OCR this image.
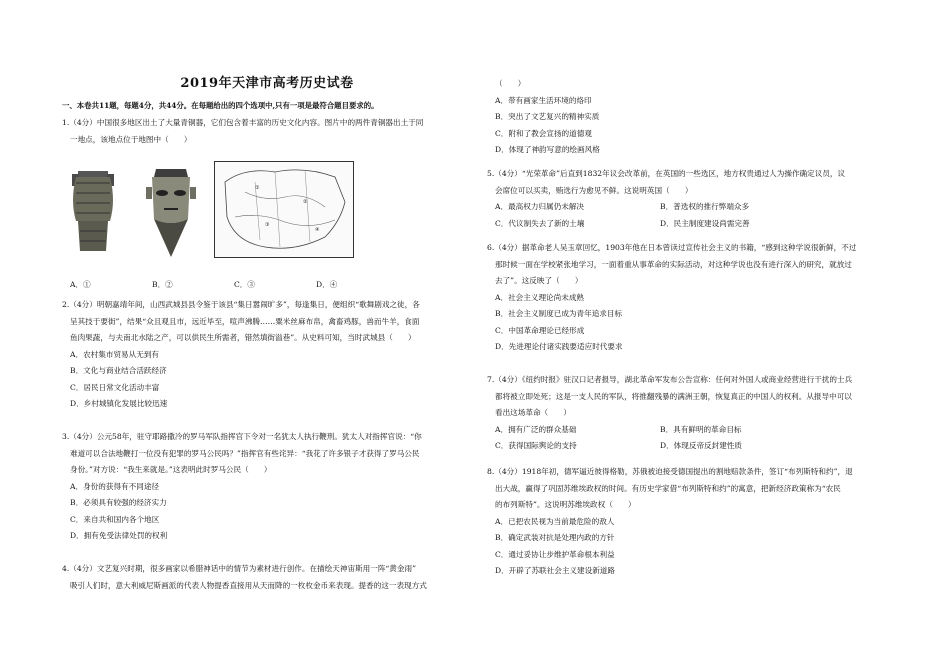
2019年天津市高考历史试卷
一、本卷共11题，每题4分，共44分。在每题给出的四个选项中,只有一项是最符合题目要求的。
1.（4分）中国很多地区出土了大量青铜器，它们包含着丰富的历史文化内容。图片中的两件青铜器出土于同
一地点，该地点位于地图中（　　）
①
②
③
④
A．①	B．②	C．③	D．④
2.（4分）明朝嘉靖年间，山西武城县县令鉴于该县“集日嚣闹旷多”，每逢集日，便组织“歌舞剧戏之徒，各
呈其技于要街”，结果“众且观且市，远近毕至，喧声沸腾……粟米丝麻布帛，禽畜鸡豚，兽而牛羊，食面
鱼肉果蔬，与夫南北水陆之产，可以供民生所需者，错然填街溢巷”。从史料可知，当时武城县（　　）
A．农村集市贸易从无到有
B．文化与商业结合活跃经济
C．居民日常文化活动丰富
D．乡村城镇化发展比较迅速
3.（4分）公元58年，驻守耶路撒冷的罗马军队指挥官下令对一名犹太人执行鞭刑。犹太人对指挥官说：“你
难道可以合法地鞭打一位没有犯罪的罗马公民吗？”指挥官有些诧异：“我花了许多银子才获得了罗马公民
身份。”对方说：“我生来就是。”这表明此时罗马公民（　　）
A．身份的获得有不同途径
B．必须具有较强的经济实力
C．来自共和国内各个地区
D．拥有免受法律处罚的权利
4.（4分）文艺复兴时期，很多画家以希腊神话中的情节为素材进行创作。在描绘天神宙斯用一阵“黄金雨”
吸引人们时，意大利威尼斯画派的代表人物提香直接用从天而降的一枚枚金币来表现。提香的这一表现方式
（　　）
A．带有画家生活环境的烙印
B．突出了文艺复兴的精神实质
C．附和了教会宣扬的道德观
D．体现了神韵写意的绘画风格
5.（4分）“光荣革命”后直到1832年议会改革前，在英国的一些选区，地方权贵通过人为操作确定议员，议
会席位可以买卖，贿选行为愈见不鲜。这说明英国（　　）
A．最高权力归属仍未解决	B．普选权的推行弊端众多
C．代议制失去了新的土壤	D．民主制度建设尚需完善
6.（4分）据革命老人吴玉章回忆，1903年他在日本曾读过宣传社会主义的书籍，“感到这种学说很新鲜，不过
那时候一面在学校紧张地学习，一面着重从事革命的实际活动，对这种学说也没有进行深入的研究，就放过
去了”。这反映了（　　）
A．社会主义理论尚未成熟
B．社会主义制度已成为青年追求目标
C．中国革命理论已经形成
D．先进理论付诸实践要适应时代要求
7.（4分）《纽约时报》驻汉口记者报导，湖北革命军发布公告宣称：任何对外国人或商业经营进行干扰的士兵
都将被立即处死；这是一支人民的军队，将推翻残暴的满洲王朝，恢复真正的中国人的权利。从报导中可以
看出这场革命（　　）
A．拥有广泛的群众基础	B．具有鲜明的革命目标
C．获得国际舆论的支持	D．体现反帝反封建性质
8.（4分）1918年初，德军逼近彼得格勒，苏俄被迫接受德国提出的割地赔款条件，签订“布列斯特和约”，退
出大战，赢得了巩固苏维埃政权的时间。有历史学家借“布列斯特和约”的寓意，把新经济政策称为“农民
的布列斯特”。这说明苏维埃政权（　　）
A．已把农民视为当前最危险的敌人
B．确定武装对抗是处理内政的方针
C．通过妥协让步维护革命根本利益
D．开辟了苏联社会主义建设新道路
